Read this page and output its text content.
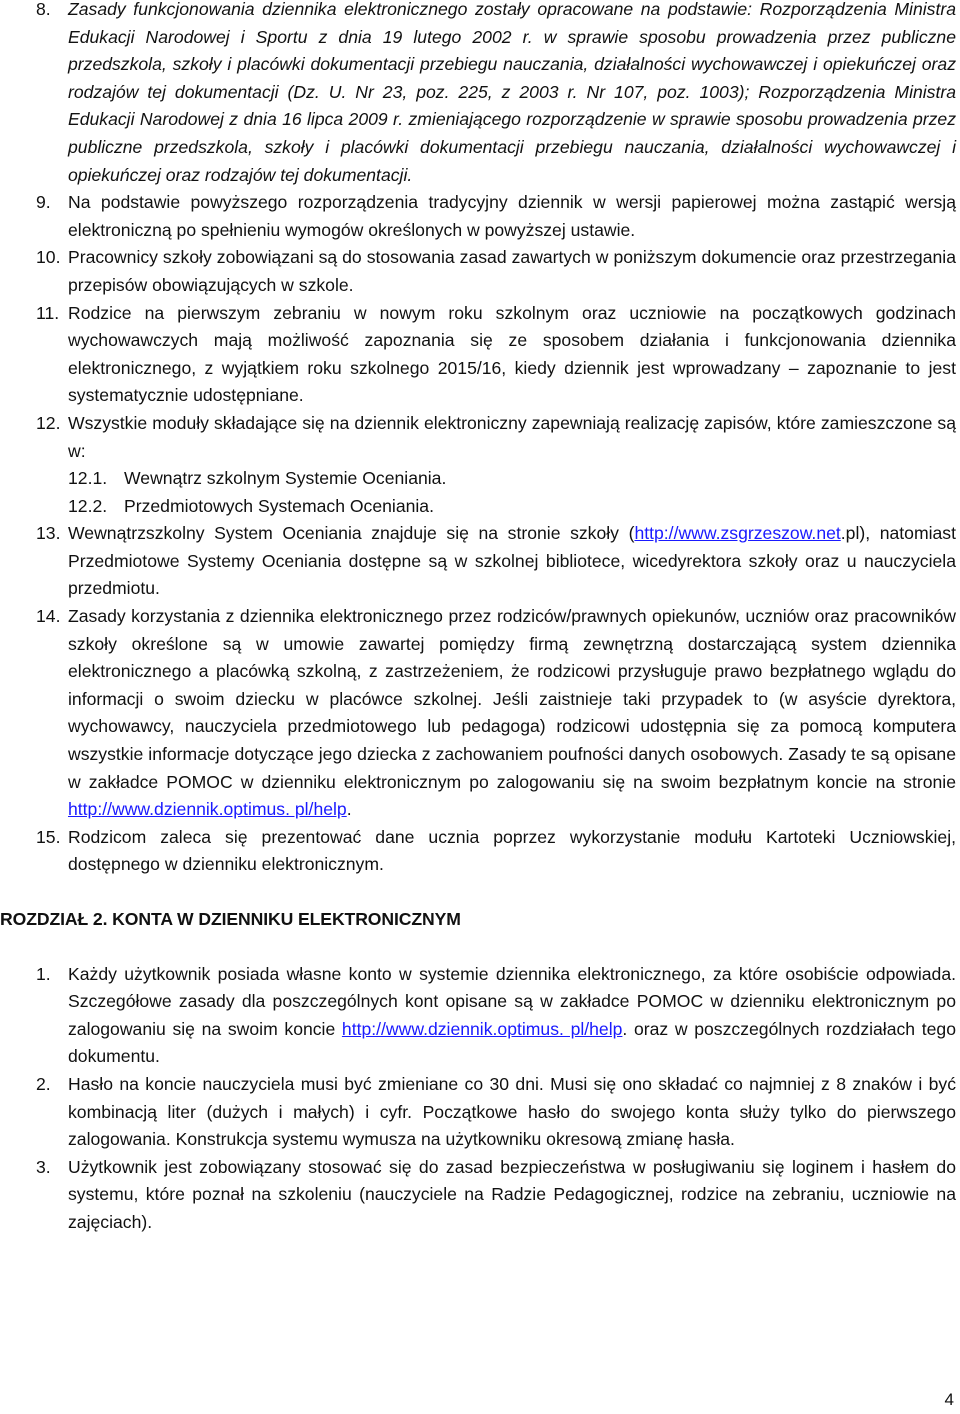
8. Zasady funkcjonowania dziennika elektronicznego zostały opracowane na podstawie: Rozporządzenia Ministra Edukacji Narodowej i Sportu z dnia 19 lutego 2002 r. w sprawie sposobu prowadzenia przez publiczne przedszkola, szkoły i placówki dokumentacji przebiegu nauczania, działalności wychowawczej i opiekuńczej oraz rodzajów tej dokumentacji (Dz. U. Nr 23, poz. 225, z 2003 r. Nr 107, poz. 1003); Rozporządzenia Ministra Edukacji Narodowej z dnia 16 lipca 2009 r. zmieniającego rozporządzenie w sprawie sposobu prowadzenia przez publiczne przedszkola, szkoły i placówki dokumentacji przebiegu nauczania, działalności wychowawczej i opiekuńczej oraz rodzajów tej dokumentacji.
9. Na podstawie powyższego rozporządzenia tradycyjny dziennik w wersji papierowej można zastąpić wersją elektroniczną po spełnieniu wymogów określonych w powyższej ustawie.
10. Pracownicy szkoły zobowiązani są do stosowania zasad zawartych w poniższym dokumencie oraz przestrzegania przepisów obowiązujących w szkole.
11. Rodzice na pierwszym zebraniu w nowym roku szkolnym oraz uczniowie na początkowych godzinach wychowawczych mają możliwość zapoznania się ze sposobem działania i funkcjonowania dziennika elektronicznego, z wyjątkiem roku szkolnego 2015/16, kiedy dziennik jest wprowadzany – zapoznanie to jest systematycznie udostępniane.
12. Wszystkie moduły składające się na dziennik elektroniczny zapewniają realizację zapisów, które zamieszczone są w:
12.1. Wewnątrz szkolnym Systemie Oceniania.
12.2. Przedmiotowych Systemach Oceniania.
13. Wewnątrzszkolny System Oceniania znajduje się na stronie szkoły (http://www.zsgrzeszow.net.pl), natomiast Przedmiotowe Systemy Oceniania dostępne są w szkolnej bibliotece, wicedyrektora szkoły oraz u nauczyciela przedmiotu.
14. Zasady korzystania z dziennika elektronicznego przez rodziców/prawnych opiekunów, uczniów oraz pracowników szkoły określone są w umowie zawartej pomiędzy firmą zewnętrzną dostarczającą system dziennika elektronicznego a placówką szkolną, z zastrzeżeniem, że rodzicowi przysługuje prawo bezpłatnego wglądu do informacji o swoim dziecku w placówce szkolnej. Jeśli zaistnieje taki przypadek to (w asyście dyrektora, wychowawcy, nauczyciela przedmiotowego lub pedagoga) rodzicowi udostępnia się za pomocą komputera wszystkie informacje dotyczące jego dziecka z zachowaniem poufności danych osobowych. Zasady te są opisane w zakładce POMOC w dzienniku elektronicznym po zalogowaniu się na swoim bezpłatnym koncie na stronie http://www.dziennik.optimus. pl/help.
15. Rodzicom zaleca się prezentować dane ucznia poprzez wykorzystanie modułu Kartoteki Uczniowskiej, dostępnego w dzienniku elektronicznym.
ROZDZIAŁ 2. KONTA W DZIENNIKU ELEKTRONICZNYM
1. Każdy użytkownik posiada własne konto w systemie dziennika elektronicznego, za które osobiście odpowiada. Szczegółowe zasady dla poszczególnych kont opisane są w zakładce POMOC w dzienniku elektronicznym po zalogowaniu się na swoim koncie http://www.dziennik.optimus. pl/help. oraz w poszczególnych rozdziałach tego dokumentu.
2. Hasło na koncie nauczyciela musi być zmieniane co 30 dni. Musi się ono składać co najmniej z 8 znaków i być kombinacją liter (dużych i małych) i cyfr. Początkowe hasło do swojego konta służy tylko do pierwszego zalogowania. Konstrukcja systemu wymusza na użytkowniku okresową zmianę hasła.
3. Użytkownik jest zobowiązany stosować się do zasad bezpieczeństwa w posługiwaniu się loginem i hasłem do systemu, które poznał na szkoleniu (nauczyciele na Radzie Pedagogicznej, rodzice na zebraniu, uczniowie na zajęciach).
4
